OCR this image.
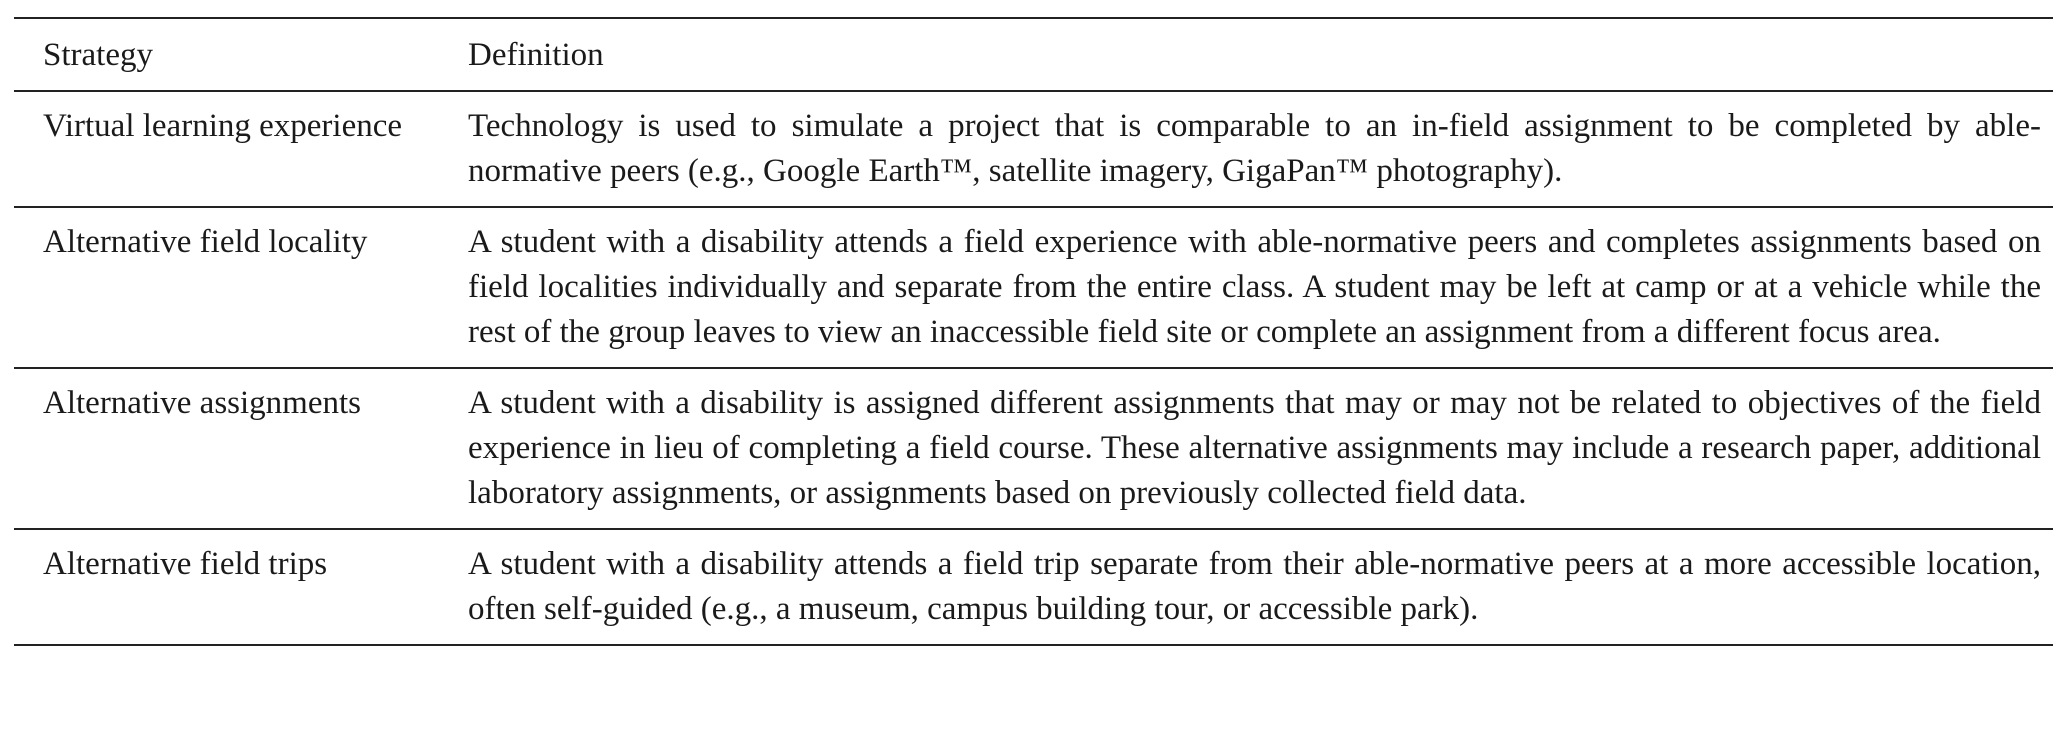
Strategy	Definition
Virtual learning experience	Technology is used to simulate a project that is comparable to an in-field assignment to be completed by able-normative peers (e.g., Google Earth™, satellite imagery, GigaPan™ photography).
Alternative field locality	A student with a disability attends a field experience with able-normative peers and completes assignments based on field localities individually and separate from the entire class. A student may be left at camp or at a vehicle while the rest of the group leaves to view an inaccessible field site or complete an assignment from a different focus area.
Alternative assignments	A student with a disability is assigned different assignments that may or may not be related to objectives of the field experience in lieu of completing a field course. These alternative assignments may include a research paper, additional laboratory assignments, or assignments based on previously collected field data.
Alternative field trips	A student with a disability attends a field trip separate from their able-normative peers at a more accessible location, often self-guided (e.g., a museum, campus building tour, or accessible park).
